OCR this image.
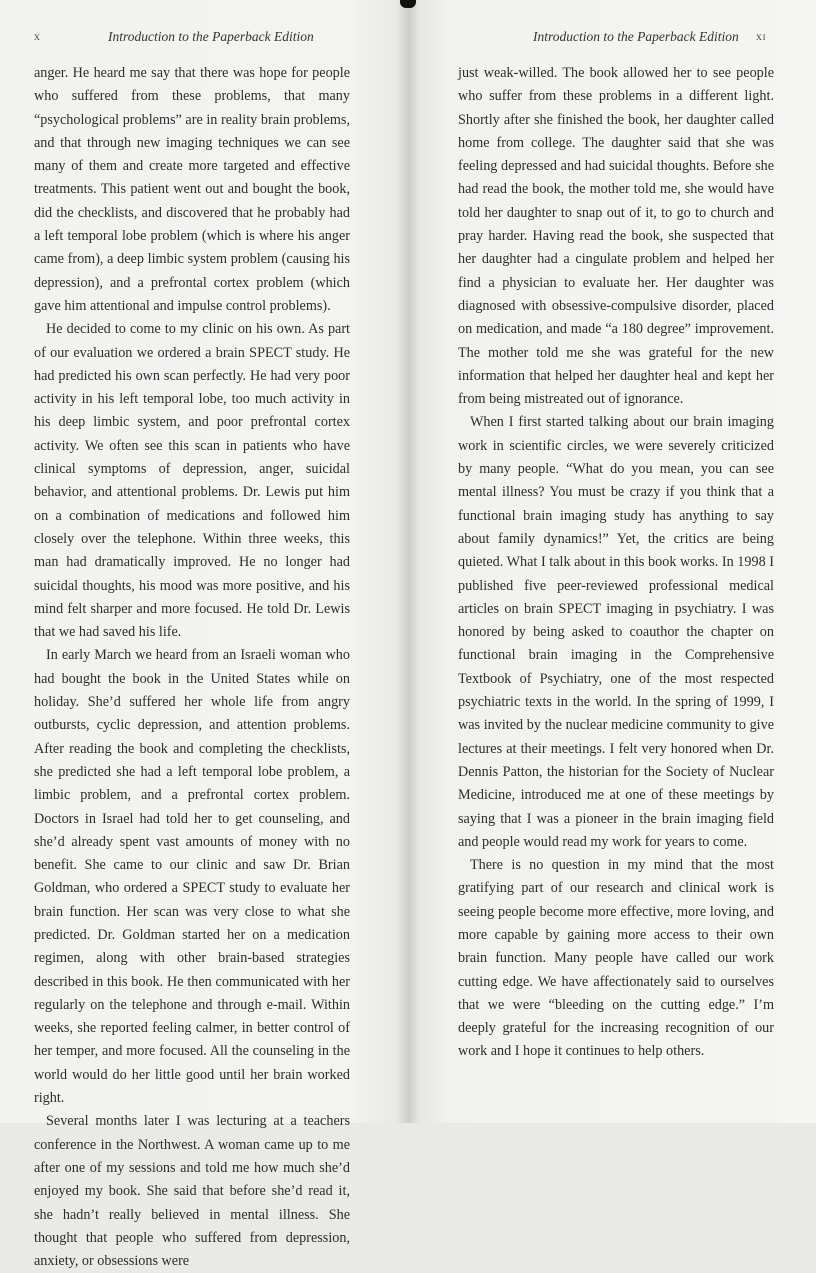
x	Introduction to the Paperback Edition

anger. He heard me say that there was hope for people who suffered from these problems, that many “psychological problems” are in reality brain problems, and that through new imaging techniques we can see many of them and create more targeted and effective treatments. This patient went out and bought the book, did the checklists, and discovered that he probably had a left temporal lobe problem (which is where his anger came from), a deep limbic system problem (causing his depression), and a prefrontal cortex problem (which gave him attentional and impulse control problems).

He decided to come to my clinic on his own. As part of our evaluation we ordered a brain SPECT study. He had predicted his own scan perfectly. He had very poor activity in his left temporal lobe, too much activity in his deep limbic system, and poor prefrontal cortex activity. We often see this scan in patients who have clinical symptoms of depression, anger, suicidal behavior, and attentional problems. Dr. Lewis put him on a combination of medications and followed him closely over the telephone. Within three weeks, this man had dramatically improved. He no longer had suicidal thoughts, his mood was more positive, and his mind felt sharper and more focused. He told Dr. Lewis that we had saved his life.

In early March we heard from an Israeli woman who had bought the book in the United States while on holiday. She’d suffered her whole life from angry outbursts, cyclic depression, and attention problems. After reading the book and completing the checklists, she predicted she had a left temporal lobe problem, a limbic problem, and a prefrontal cortex problem. Doctors in Israel had told her to get counseling, and she’d already spent vast amounts of money with no benefit. She came to our clinic and saw Dr. Brian Goldman, who ordered a SPECT study to evaluate her brain function. Her scan was very close to what she predicted. Dr. Goldman started her on a medication regimen, along with other brain-based strategies described in this book. He then communicated with her regularly on the telephone and through e-mail. Within weeks, she reported feeling calmer, in better control of her temper, and more focused. All the counseling in the world would do her little good until her brain worked right.

Several months later I was lecturing at a teachers conference in the Northwest. A woman came up to me after one of my sessions and told me how much she’d enjoyed my book. She said that before she’d read it, she hadn’t really believed in mental illness. She thought that people who suffered from depression, anxiety, or obsessions were

Introduction to the Paperback Edition xi

just weak-willed. The book allowed her to see people who suffer from these problems in a different light. Shortly after she finished the book, her daughter called home from college. The daughter said that she was feeling depressed and had suicidal thoughts. Before she had read the book, the mother told me, she would have told her daughter to snap out of it, to go to church and pray harder. Having read the book, she suspected that her daughter had a cingulate problem and helped her find a physician to evaluate her. Her daughter was diagnosed with obsessive-compulsive disorder, placed on medication, and made “a 180 degree” improvement. The mother told me she was grateful for the new information that helped her daughter heal and kept her from being mistreated out of ignorance.

When I first started talking about our brain imaging work in scientific circles, we were severely criticized by many people. “What do you mean, you can see mental illness? You must be crazy if you think that a functional brain imaging study has anything to say about family dynamics!” Yet, the critics are being quieted. What I talk about in this book works. In 1998 I published five peer-reviewed professional medical articles on brain SPECT imaging in psychiatry. I was honored by being asked to coauthor the chapter on functional brain imaging in the Comprehensive Textbook of Psychiatry, one of the most respected psychiatric texts in the world. In the spring of 1999, I was invited by the nuclear medicine community to give lectures at their meetings. I felt very honored when Dr. Dennis Patton, the historian for the Society of Nuclear Medicine, introduced me at one of these meetings by saying that I was a pioneer in the brain imaging field and people would read my work for years to come.

There is no question in my mind that the most gratifying part of our research and clinical work is seeing people become more effective, more loving, and more capable by gaining more access to their own brain function. Many people have called our work cutting edge. We have affectionately said to ourselves that we were “bleeding on the cutting edge.” I’m deeply grateful for the increasing recognition of our work and I hope it continues to help others.
